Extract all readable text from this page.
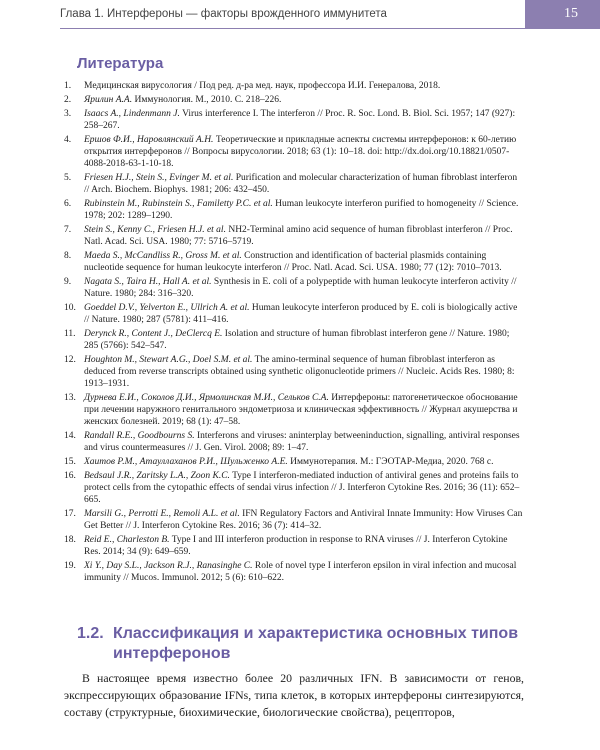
Глава 1. Интерфероны — факторы врожденного иммунитета	15
Литература
1. Медицинская вирусология / Под ред. д-ра мед. наук, профессора И.И. Генералова, 2018.
2. Ярилин А.А. Иммунология. М., 2010. С. 218–226.
3. Isaacs A., Lindenmann J. Virus interference I. The interferon // Proc. R. Soc. Lond. B. Biol. Sci. 1957; 147 (927): 258–267.
4. Ершов Ф.И., Наровлянский А.Н. Теоретические и прикладные аспекты системы интерферонов: к 60-летию открытия интерферонов // Вопросы вирусологии. 2018; 63 (1): 10–18. doi: http://dx.doi.org/10.18821/0507-4088-2018-63-1-10-18.
5. Friesen H.J., Stein S., Evinger M. et al. Purification and molecular characterization of human fibroblast interferon // Arch. Biochem. Biophys. 1981; 206: 432–450.
6. Rubinstein M., Rubinstein S., Familetty P.C. et al. Human leukocyte interferon purified to homogeneity // Science. 1978; 202: 1289–1290.
7. Stein S., Kenny C., Friesen H.J. et al. NH2-Terminal amino acid sequence of human fibroblast interferon // Proc. Natl. Acad. Sci. USA. 1980; 77: 5716–5719.
8. Maeda S., McCandliss R., Gross M. et al. Construction and identification of bacterial plasmids containing nucleotide sequence for human leukocyte interferon // Proc. Natl. Acad. Sci. USA. 1980; 77 (12): 7010–7013.
9. Nagata S., Taira H., Hall A. et al. Synthesis in E. coli of a polypeptide with human leukocyte interferon activity // Nature. 1980; 284: 316–320.
10. Goeddel D.V., Yelverton E., Ullrich A. et al. Human leukocyte interferon produced by E. coli is biologically active // Nature. 1980; 287 (5781): 411–416.
11. Derynck R., Content J., DeClercq E. Isolation and structure of human fibroblast interferon gene // Nature. 1980; 285 (5766): 542–547.
12. Houghton M., Stewart A.G., Doel S.M. et al. The amino-terminal sequence of human fibroblast interferon as deduced from reverse transcripts obtained using synthetic oligonucleotide primers // Nucleic. Acids Res. 1980; 8: 1913–1931.
13. Дурнева Е.И., Соколов Д.И., Ярмолинская М.И., Сельков С.А. Интерфероны: патогенетическое обоснование при лечении наружного генитального эндометриоза и клиническая эффективность // Журнал акушерства и женских болезней. 2019; 68 (1): 47–58.
14. Randall R.E., Goodbourns S. Interferons and viruses: aninterplay betweeninduction, signalling, antiviral responses and virus countermeasures // J. Gen. Virol. 2008; 89: 1–47.
15. Хаитов Р.М., Атауллаханов Р.И., Шульженко А.Е. Иммунотерапия. М.: ГЭОТАР-Медиа, 2020. 768 с.
16. Bedsaul J.R., Zaritsky L.A., Zoon K.C. Type I interferon-mediated induction of antiviral genes and proteins fails to protect cells from the cytopathic effects of sendai virus infection // J. Interferon Cytokine Res. 2016; 36 (11): 652–665.
17. Marsili G., Perrotti E., Remoli A.L. et al. IFN Regulatory Factors and Antiviral Innate Immunity: How Viruses Can Get Better // J. Interferon Cytokine Res. 2016; 36 (7): 414–32.
18. Reid E., Charleston B. Type I and III interferon production in response to RNA viruses // J. Interferon Cytokine Res. 2014; 34 (9): 649–659.
19. Xi Y., Day S.L., Jackson R.J., Ranasinghe C. Role of novel type I interferon epsilon in viral infection and mucosal immunity // Mucos. Immunol. 2012; 5 (6): 610–622.
1.2. Классификация и характеристика основных типов интерферонов

В настоящее время известно более 20 различных IFN. В зависимости от генов, экспрессирующих образование IFNs, типа клеток, в которых интерфероны синтезируются, составу (структурные, биохимические, биологические свойства), рецепторов,
